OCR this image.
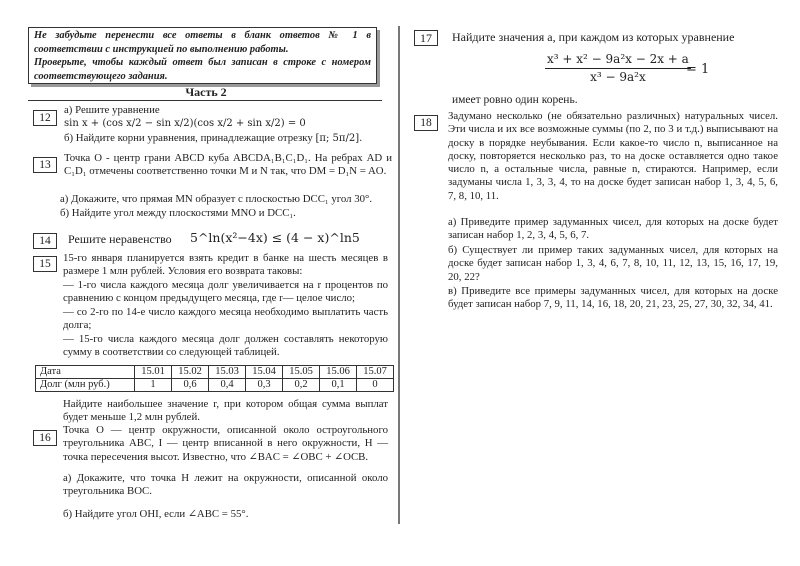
Не забудьте перенести все ответы в бланк ответов № 1 в соответствии с инструкцией по выполнению работы.
Проверьте, чтобы каждый ответ был записан в строке с номером соответствующего задания.
Часть 2
12
а) Решите уравнение
sin x + (cos x/2 − sin x/2)(cos x/2 + sin x/2) = 0
б) Найдите корни уравнения, принадлежащие отрезку [π; 5π/2].
13
Точка O - центр грани ABCD куба ABCDA₁B₁C₁D₁. На ребрах AD и C₁D₁ отмечены соответственно точки M и N так, что DM = D₁N = AO.
а) Докажите, что прямая MN образует с плоскостью DCC₁ угол 30°.
б) Найдите угол между плоскостями MNO и DCC₁.
14	Решите неравенство	5^ln(x²−4x) ≤ (4 − x)^ln5
15	15-го января планируется взять кредит в банке на шесть месяцев в размере 1 млн рублей. Условия его возврата таковы:
— 1-го числа каждого месяца долг увеличивается на r процентов по сравнению с концом предыдущего месяца, где r— целое число;
— со 2-го по 14-е число каждого месяца необходимо выплатить часть долга;
— 15-го числа каждого месяца долг должен составлять некоторую сумму в соответствии со следующей таблицей.
Дата	15.01	15.02	15.03	15.04	15.05	15.06	15.07
Долг (млн руб.)	1	0,6	0,4	0,3	0,2	0,1	0
Найдите наибольшее значение r, при котором общая сумма выплат будет меньше 1,2 млн рублей.
16
Точка O — центр окружности, описанной около остроугольного треугольника ABC, I — центр вписанной в него окружности, H — точка пересечения высот. Известно, что ∠BAC = ∠OBC + ∠OCB.
а) Докажите, что точка H лежит на окружности, описанной около треугольника BOC.
б) Найдите угол OHI, если ∠ABC = 55°.
17	Найдите значения a, при каждом из которых уравнение
$\frac{\text{x³ + x² − 9a²x − 2x + a}}{\text{x³ − 9a²x}}$
= 1
имеет ровно один корень.
18
Задумано несколько (не обязательно различных) натуральных чисел. Эти числа и их все возможные суммы (по 2, по 3 и т.д.) выписывают на доску в порядке неубывания. Если какое-то число n, выписанное на доску, повторяется несколько раз, то на доске оставляется одно такое число n, а остальные числа, равные n, стираются. Например, если задуманы числа 1, 3, 3, 4, то на доске будет записан набор 1, 3, 4, 5, 6, 7, 8, 10, 11.
а) Приведите пример задуманных чисел, для которых на доске будет записан набор 1, 2, 3, 4, 5, 6, 7.
б) Существует ли пример таких задуманных чисел, для которых на доске будет записан набор 1, 3, 4, 6, 7, 8, 10, 11, 12, 13, 15, 16, 17, 19, 20, 22?
в) Приведите все примеры задуманных чисел, для которых на доске будет записан набор 7, 9, 11, 14, 16, 18, 20, 21, 23, 25, 27, 30, 32, 34, 41.
